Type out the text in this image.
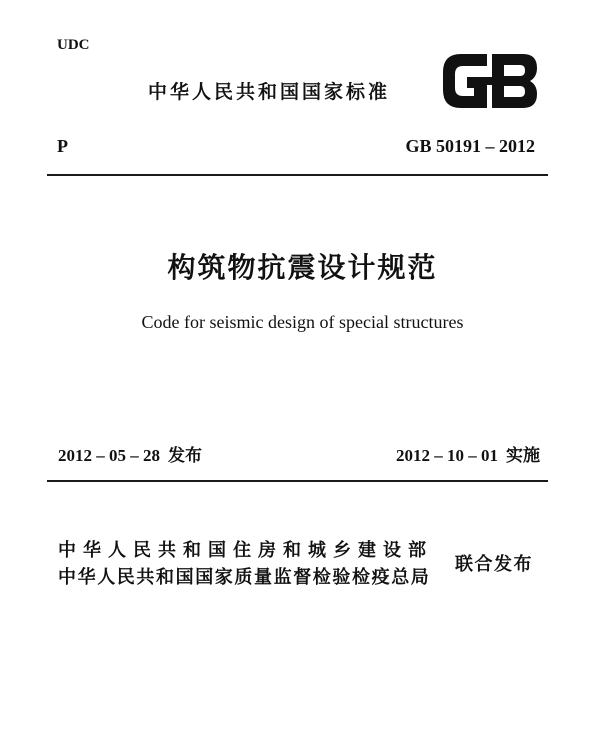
UDC
中华人民共和国国家标准
P	GB 50191 – 2012
构筑物抗震设计规范
Code for seismic design of special structures
2012 – 05 – 28 发布	2012 – 10 – 01 实施
中华人民共和国住房和城乡建设部
中华人民共和国国家质量监督检验检疫总局
联合发布
